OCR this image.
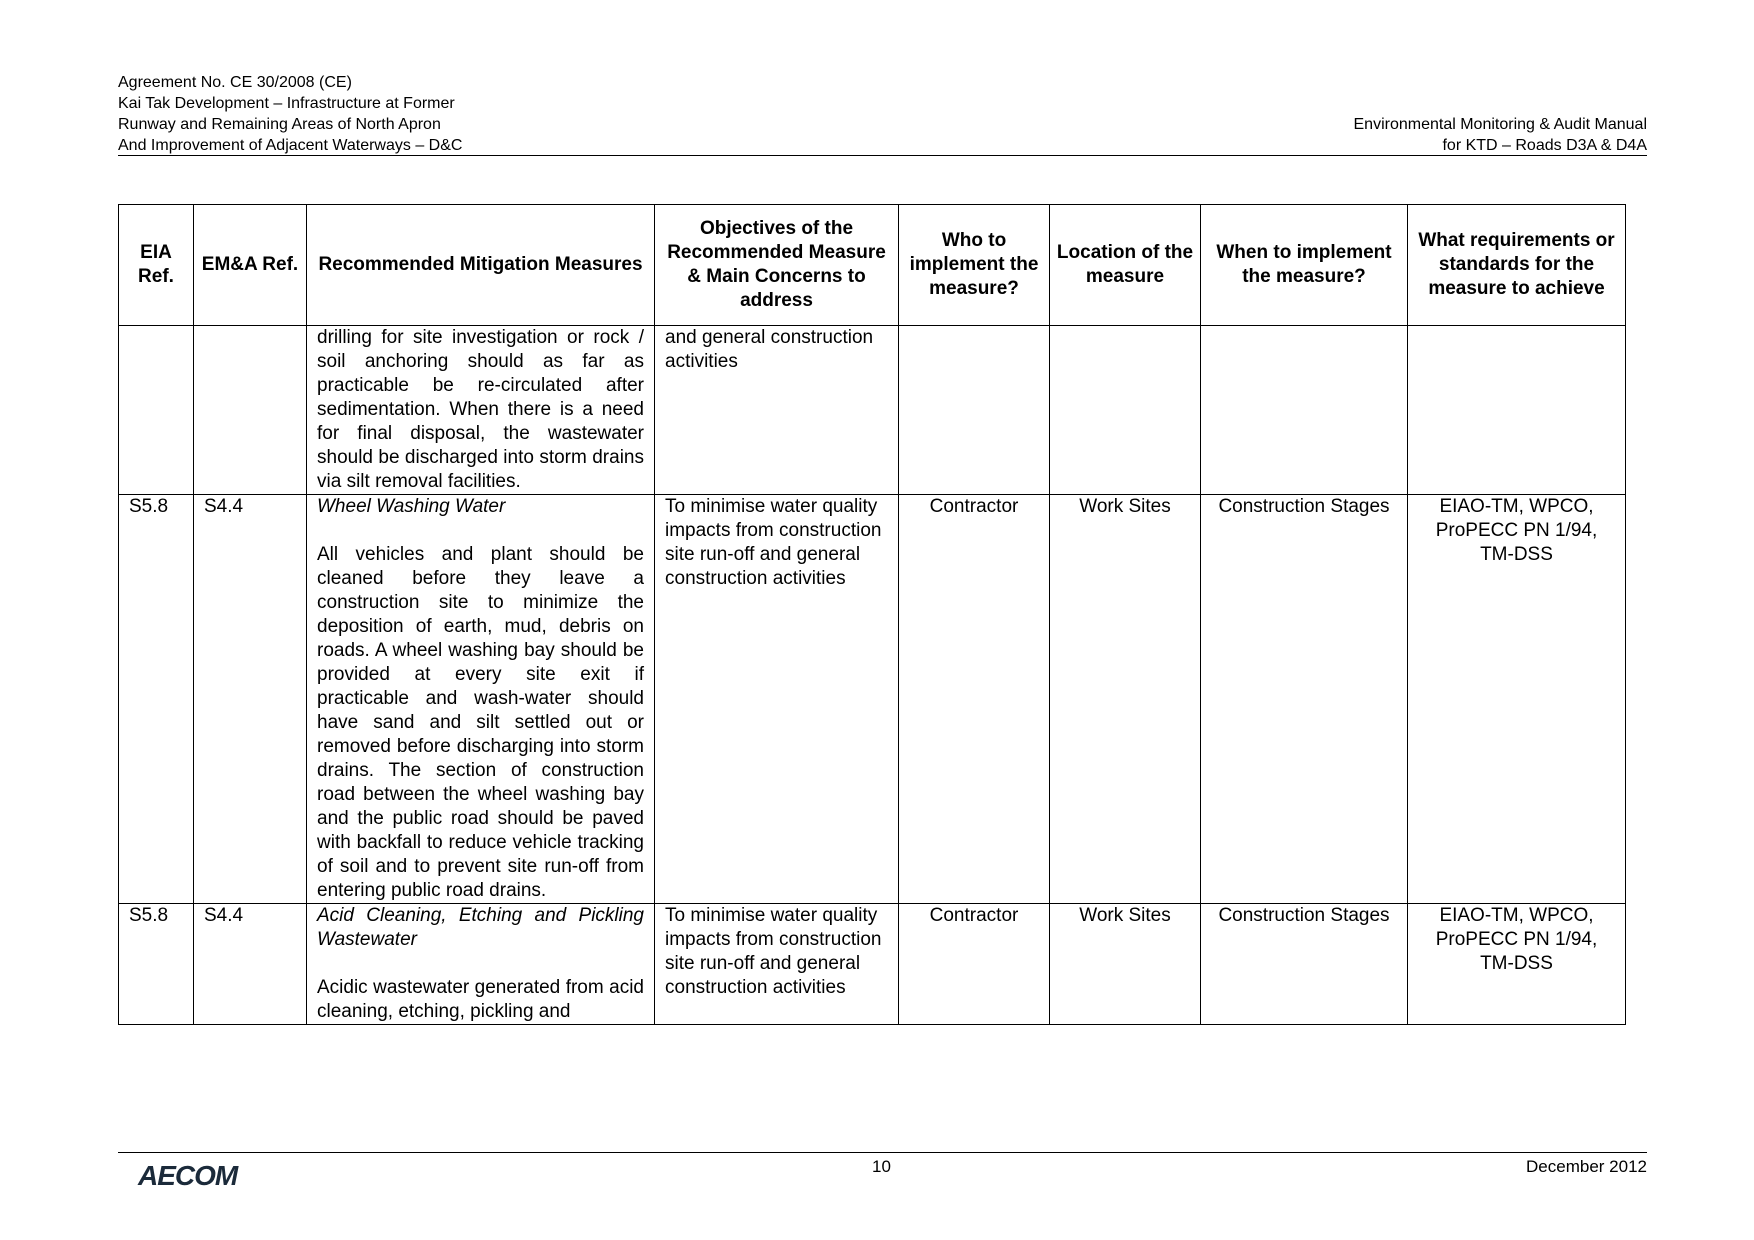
Agreement No. CE 30/2008 (CE)
Kai Tak Development – Infrastructure at Former
Runway and Remaining Areas of North Apron
And Improvement of Adjacent Waterways – D&C
Environmental Monitoring & Audit Manual
for KTD – Roads D3A & D4A
EIA Ref.	EM&A Ref.	Recommended Mitigation Measures	Objectives of the Recommended Measure & Main Concerns to address	Who to implement the measure?	Location of the measure	When to implement the measure?	What requirements or standards for the measure to achieve

		drilling for site investigation or rock / soil anchoring should as far as practicable be re-circulated after sedimentation. When there is a need for final disposal, the wastewater should be discharged into storm drains via silt removal facilities.	and general construction activities				
S5.8	S4.4	Wheel Washing Water
All vehicles and plant should be cleaned before they leave a construction site to minimize the deposition of earth, mud, debris on roads. A wheel washing bay should be provided at every site exit if practicable and wash-water should have sand and silt settled out or removed before discharging into storm drains. The section of construction road between the wheel washing bay and the public road should be paved with backfall to reduce vehicle tracking of soil and to prevent site run-off from entering public road drains.	To minimise water quality impacts from construction site run-off and general construction activities	Contractor	Work Sites	Construction Stages	EIAO-TM, WPCO, ProPECC PN 1/94, TM-DSS
S5.8	S4.4	Acid Cleaning, Etching and Pickling Wastewater
Acidic wastewater generated from acid cleaning, etching, pickling and	To minimise water quality impacts from construction site run-off and general construction activities	Contractor	Work Sites	Construction Stages	EIAO-TM, WPCO, ProPECC PN 1/94, TM-DSS
AECOM	10	December 2012
